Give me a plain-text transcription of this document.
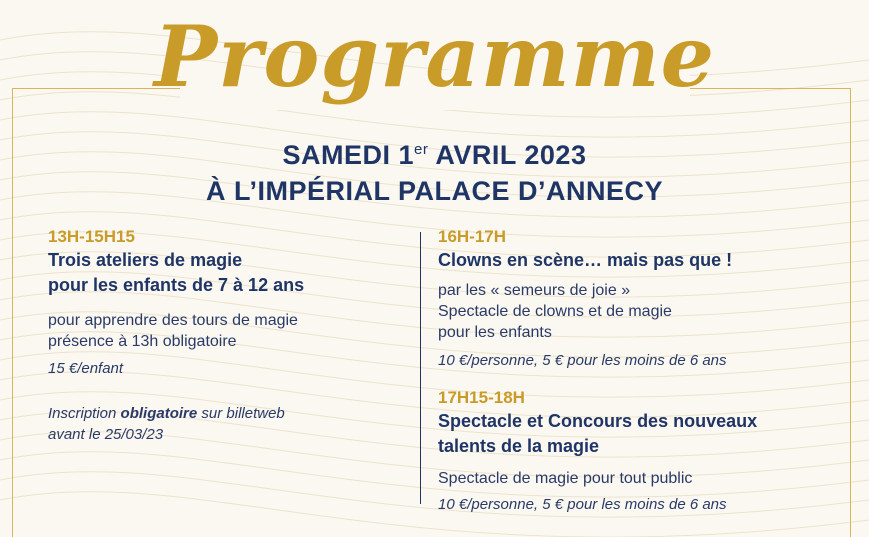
Programme
SAMEDI 1er AVRIL 2023
À L’IMPÉRIAL PALACE D’ANNECY
13H-15H15
Trois ateliers de magie
pour les enfants de 7 à 12 ans
pour apprendre des tours de magie
présence à 13h obligatoire
15 €/enfant
Inscription obligatoire sur billetweb
avant le 25/03/23
16H-17H
Clowns en scène… mais pas que !
par les « semeurs de joie »
Spectacle de clowns et de magie
pour les enfants
10 €/personne, 5 € pour les moins de 6 ans
17H15-18H
Spectacle et Concours des nouveaux
talents de la magie
Spectacle de magie pour tout public
10 €/personne, 5 € pour les moins de 6 ans
